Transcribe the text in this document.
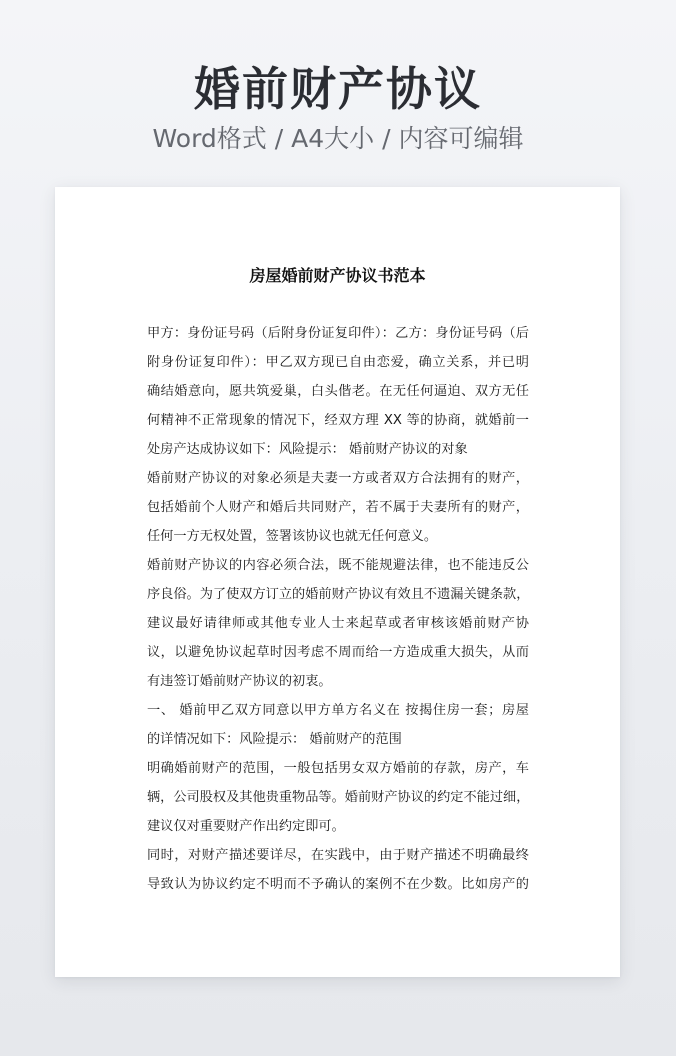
婚前财产协议
Word格式 / A4大小 / 内容可编辑
房屋婚前财产协议书范本
甲方：身份证号码（后附身份证复印件）：乙方：身份证号码（后
附身份证复印件）：甲乙双方现已自由恋爱，确立关系，并已明
确结婚意向，愿共筑爱巢，白头偕老。在无任何逼迫、双方无任
何精神不正常现象的情况下，经双方理 XX 等的协商，就婚前一
处房产达成协议如下：风险提示： 婚前财产协议的对象
婚前财产协议的对象必须是夫妻一方或者双方合法拥有的财产，
包括婚前个人财产和婚后共同财产，若不属于夫妻所有的财产，
任何一方无权处置，签署该协议也就无任何意义。
婚前财产协议的内容必须合法，既不能规避法律，也不能违反公
序良俗。为了使双方订立的婚前财产协议有效且不遗漏关键条款，
建议最好请律师或其他专业人士来起草或者审核该婚前财产协
议，以避免协议起草时因考虑不周而给一方造成重大损失，从而
有违签订婚前财产协议的初衷。
一、 婚前甲乙双方同意以甲方单方名义在 按揭住房一套；房屋
的详情况如下：风险提示： 婚前财产的范围
明确婚前财产的范围，一般包括男女双方婚前的存款，房产，车
辆，公司股权及其他贵重物品等。婚前财产协议的约定不能过细，
建议仅对重要财产作出约定即可。
同时，对财产描述要详尽，在实践中，由于财产描述不明确最终
导致认为协议约定不明而不予确认的案例不在少数。比如房产的
